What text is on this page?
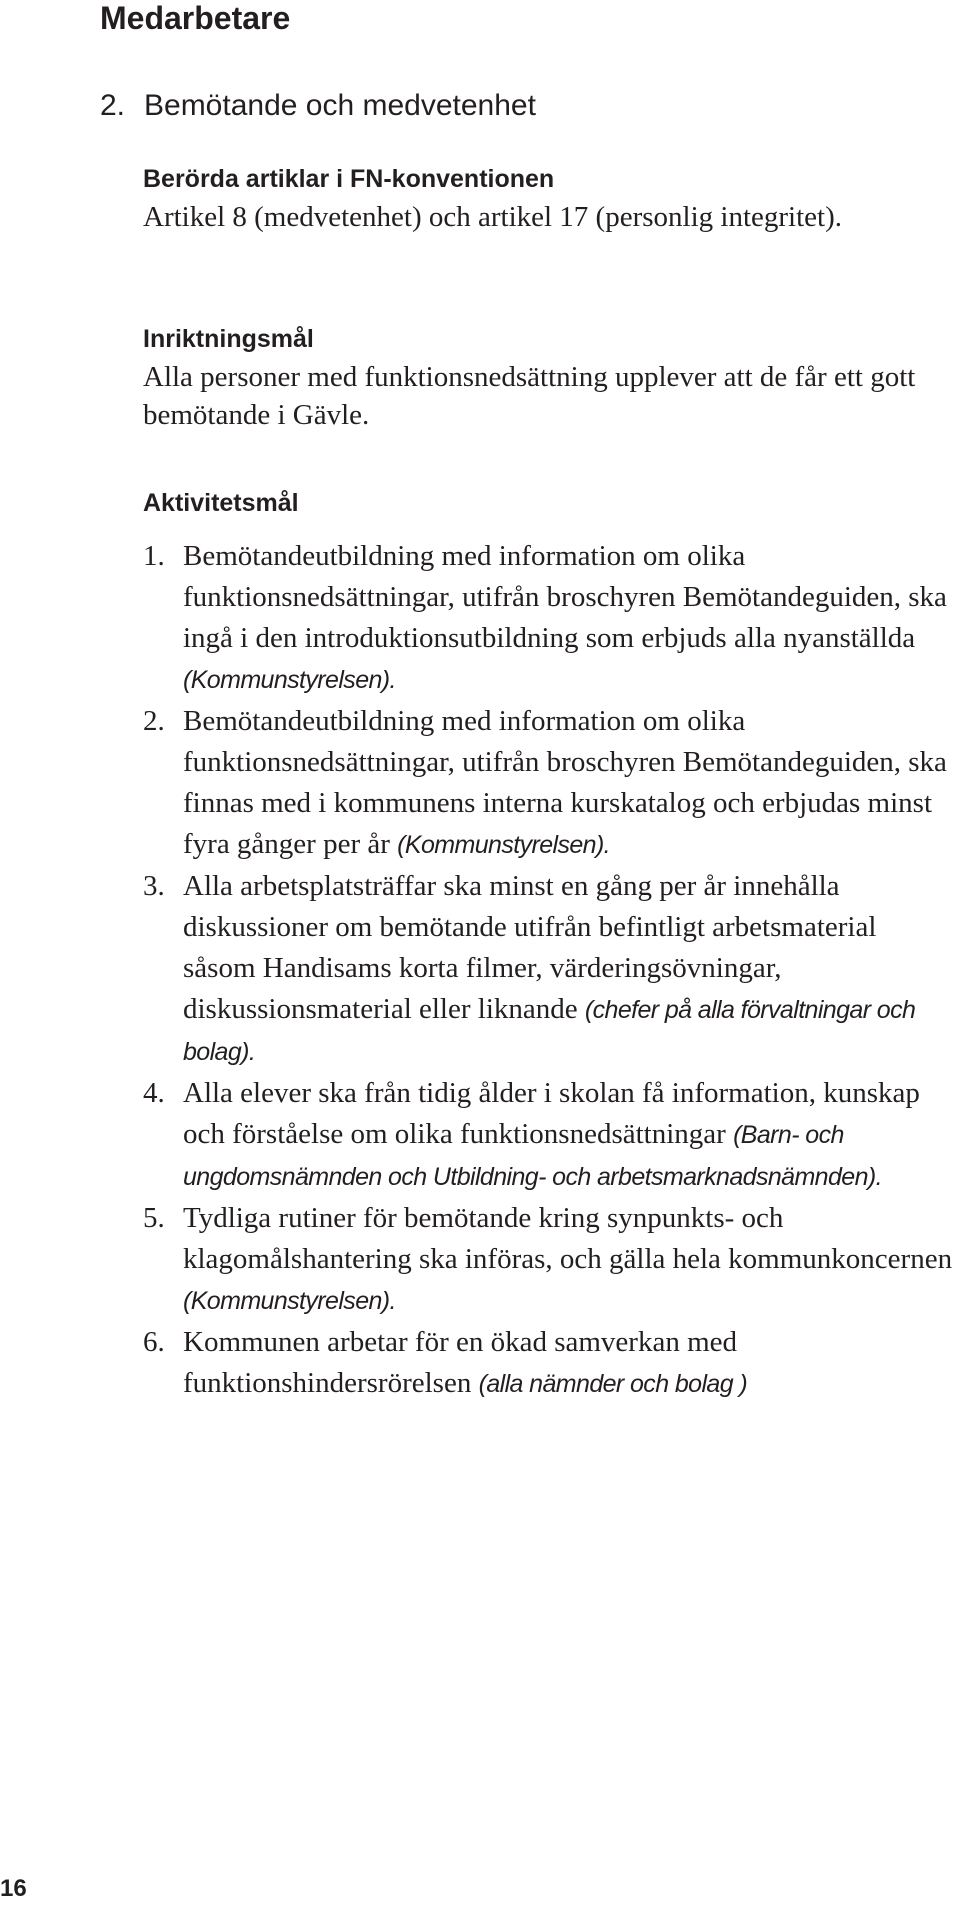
Medarbetare
2. Bemötande och medvetenhet

Berörda artiklar i FN-konventionen

Artikel 8 (medvetenhet) och artikel 17 (personlig integritet).

Inriktningsmål

Alla personer med funktionsnedsättning upplever att de får ett gott bemötande i Gävle.

Aktivitetsmål

1. Bemötandeutbildning med information om olika funktionsnedsättningar, utifrån broschyren Bemötandeguiden, ska ingå i den introduktionsutbildning som erbjuds alla nyanställda (Kommunstyrelsen).
2. Bemötandeutbildning med information om olika funktionsnedsättningar, utifrån broschyren Bemötandeguiden, ska finnas med i kommunens interna kurskatalog och erbjudas minst fyra gånger per år (Kommunstyrelsen).
3. Alla arbetsplatsträffar ska minst en gång per år innehålla diskussioner om bemötande utifrån befintligt arbetsmaterial såsom Handisams korta filmer, värderingsövningar, diskussionsmaterial eller liknande (chefer på alla förvaltningar och bolag).
4. Alla elever ska från tidig ålder i skolan få information, kunskap och förståelse om olika funktionsnedsättningar (Barn- och ungdomsnämnden och Utbildning- och arbetsmarknadsnämnden).
5. Tydliga rutiner för bemötande kring synpunkts- och klagomålshantering ska införas, och gälla hela kommunkoncernen (Kommunstyrelsen).
6. Kommunen arbetar för en ökad samverkan med funktionshindersrörelsen (alla nämnder och bolag )

16
